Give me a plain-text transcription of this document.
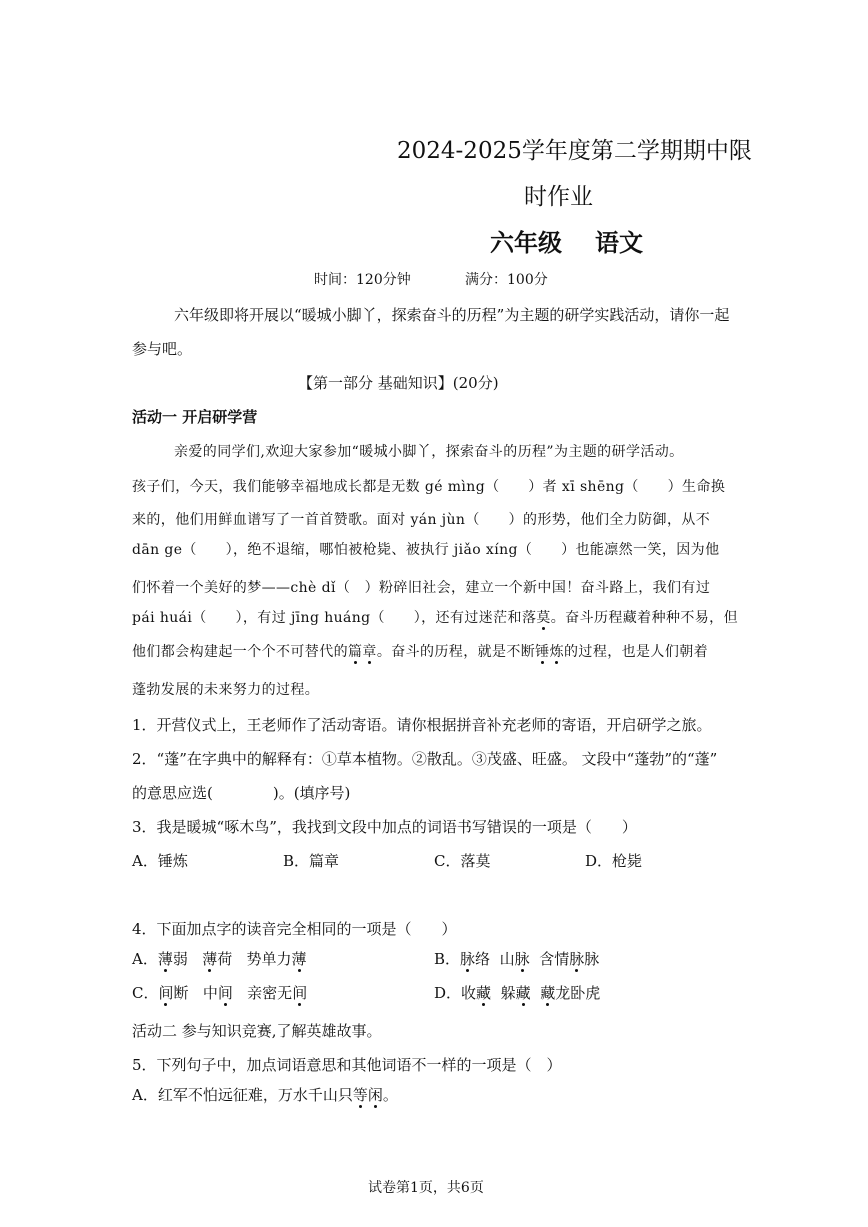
2024-2025学年度第二学期期中限
时作业
六年级 语文
时间：120分钟	满分：100分
六年级即将开展以“暖城小脚丫，探索奋斗的历程”为主题的研学实践活动，请你一起
参与吧。
【第一部分 基础知识】(20分)
活动一 开启研学营
亲爱的同学们,欢迎大家参加“暖城小脚丫，探索奋斗的历程”为主题的研学活动。
孩子们，今天，我们能够幸福地成长都是无数 gé mìng（　　）者 xī shēng（　　）生命换
来的，他们用鲜血谱写了一首首赞歌。面对 yán jùn（　　）的形势，他们全力防御，从不
dān ge（　　），绝不退缩，哪怕被枪毙、被执行 jiǎo xíng（　　）也能凛然一笑，因为他
们怀着一个美好的梦——chè dǐ（　）粉碎旧社会，建立一个新中国！奋斗路上，我们有过
pái huái（　　），有过 jīng huáng（　　），还有过迷茫和落莫。奋斗历程藏着种种不易，但
他们都会构建起一个个不可替代的篇章。奋斗的历程，就是不断锤炼的过程，也是人们朝着
蓬勃发展的未来努力的过程。
1．开营仪式上，王老师作了活动寄语。请你根据拼音补充老师的寄语，开启研学之旅。
2．“蓬”在字典中的解释有：①草本植物。②散乱。③茂盛、旺盛。 文段中“蓬勃”的“蓬”
的意思应选(　　　　)。(填序号)
3．我是暖城“啄木鸟”，我找到文段中加点的词语书写错误的一项是（　　）
A．锤炼	B．篇章	C．落莫	D．枪毙
4．下面加点字的读音完全相同的一项是（　　）
A．薄弱 薄荷 势单力薄	B．脉络 山脉 含情脉脉
C．间断 中间 亲密无间	D．收藏 躲藏 藏龙卧虎
活动二 参与知识竞赛,了解英雄故事。
5．下列句子中，加点词语意思和其他词语不一样的一项是（　）
A．红军不怕远征难，万水千山只等闲。
试卷第1页，共6页
